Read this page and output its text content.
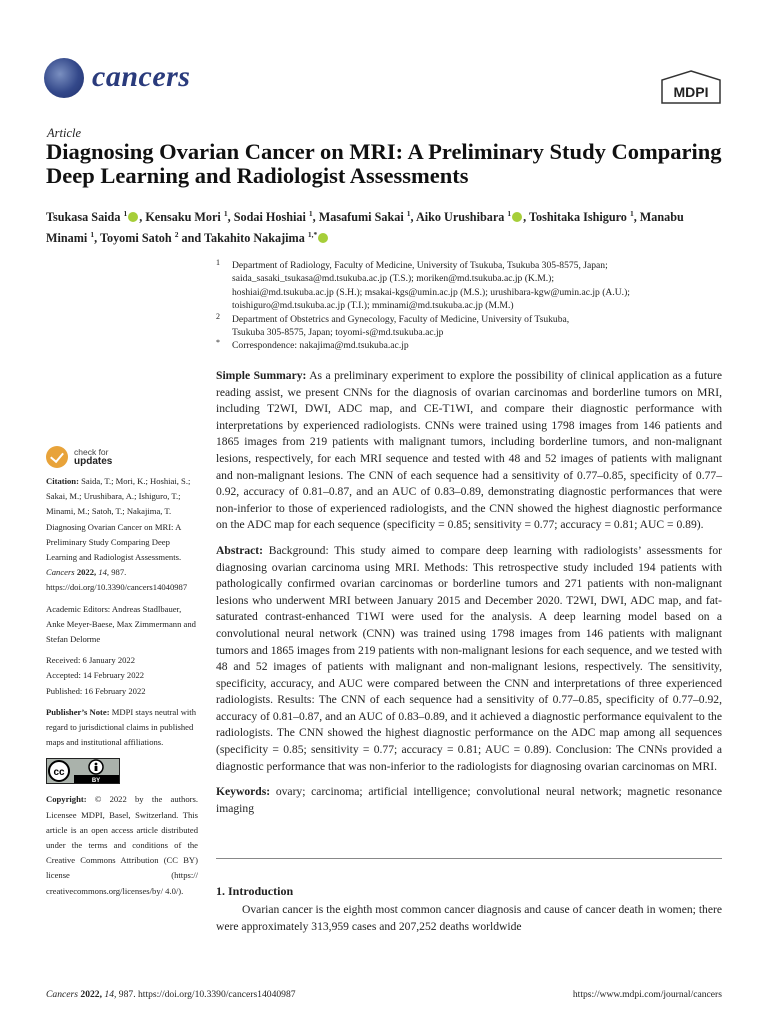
cancers	MDPI
Article
Diagnosing Ovarian Cancer on MRI: A Preliminary Study Comparing Deep Learning and Radiologist Assessments
Tsukasa Saida $^1$ , Kensaku Mori $^1$, Sodai Hoshiai $^1$, Masafumi Sakai $^1$, Aiko Urushibara $^1$ , Toshitaka Ishiguro $^1$, Manabu Minami $^1$, Toyomi Satoh $^2$ and Takahito Nakajima $^{1,*}$
1 Department of Radiology, Faculty of Medicine, University of Tsukuba, Tsukuba 305-8575, Japan;
saida_sasaki_tsukasa@md.tsukuba.ac.jp (T.S.); moriken@md.tsukuba.ac.jp (K.M.);
hoshiai@md.tsukuba.ac.jp (S.H.); msakai-kgs@umin.ac.jp (M.S.); urushibara-kgw@umin.ac.jp (A.U.);
toishiguro@md.tsukuba.ac.jp (T.I.); mminami@md.tsukuba.ac.jp (M.M.)
2 Department of Obstetrics and Gynecology, Faculty of Medicine, University of Tsukuba,
Tsukuba 305-8575, Japan; toyomi-s@md.tsukuba.ac.jp
* Correspondence: nakajima@md.tsukuba.ac.jp
check for
updates
Citation: Saida, T.; Mori, K.; Hoshiai, S.; Sakai, M.; Urushibara, A.; Ishiguro, T.; Minami, M.; Satoh, T.; Nakajima, T. Diagnosing Ovarian Cancer on MRI: A Preliminary Study Comparing Deep Learning and Radiologist Assessments. Cancers 2022, 14, 987. https://doi.org/10.3390/cancers14040987
Academic Editors: Andreas Stadlbauer, Anke Meyer-Baese, Max Zimmermann and Stefan Delorme
Received: 6 January 2022
Accepted: 14 February 2022
Published: 16 February 2022
Publisher’s Note: MDPI stays neutral with regard to jurisdictional claims in published maps and institutional affiliations.
cc
BY
Copyright: © 2022 by the authors. Licensee MDPI, Basel, Switzerland. This article is an open access article distributed under the terms and conditions of the Creative Commons Attribution (CC BY) license (https:// creativecommons.org/licenses/by/ 4.0/).

Simple Summary: As a preliminary experiment to explore the possibility of clinical application as a future reading assist, we present CNNs for the diagnosis of ovarian carcinomas and borderline tumors on MRI, including T2WI, DWI, ADC map, and CE-T1WI, and compare their diagnostic performance with interpretations by experienced radiologists. CNNs were trained using 1798 images from 146 patients and 1865 images from 219 patients with malignant tumors, including borderline tumors, and non-malignant lesions, respectively, for each MRI sequence and tested with 48 and 52 images of patients with malignant and non-malignant lesions. The CNN of each sequence had a sensitivity of 0.77–0.85, specificity of 0.77–0.92, accuracy of 0.81–0.87, and an AUC of 0.83–0.89, demonstrating diagnostic performances that were non-inferior to those of experienced radiologists, and the CNN showed the highest diagnostic performance on the ADC map for each sequence (specificity = 0.85; sensitivity = 0.77; accuracy = 0.81; AUC = 0.89).

Abstract: Background: This study aimed to compare deep learning with radiologists’ assessments for diagnosing ovarian carcinoma using MRI. Methods: This retrospective study included 194 patients with pathologically confirmed ovarian carcinomas or borderline tumors and 271 patients with non-malignant lesions who underwent MRI between January 2015 and December 2020. T2WI, DWI, ADC map, and fat-saturated contrast-enhanced T1WI were used for the analysis. A deep learning model based on a convolutional neural network (CNN) was trained using 1798 images from 146 patients with malignant tumors and 1865 images from 219 patients with non-malignant lesions for each sequence, and we tested with 48 and 52 images of patients with malignant and non-malignant lesions, respectively. The sensitivity, specificity, accuracy, and AUC were compared between the CNN and interpretations of three experienced radiologists. Results: The CNN of each sequence had a sensitivity of 0.77–0.85, specificity of 0.77–0.92, accuracy of 0.81–0.87, and an AUC of 0.83–0.89, and it achieved a diagnostic performance equivalent to the radiologists. The CNN showed the highest diagnostic performance on the ADC map among all sequences (specificity = 0.85; sensitivity = 0.77; accuracy = 0.81; AUC = 0.89). Conclusion: The CNNs provided a diagnostic performance that was non-inferior to the radiologists for diagnosing ovarian carcinomas on MRI.

Keywords: ovary; carcinoma; artificial intelligence; convolutional neural network; magnetic resonance imaging

1. Introduction
Ovarian cancer is the eighth most common cancer diagnosis and cause of cancer death in women; there were approximately 313,959 cases and 207,252 deaths worldwide
Cancers 2022, 14, 987. https://doi.org/10.3390/cancers14040987	https://www.mdpi.com/journal/cancers
